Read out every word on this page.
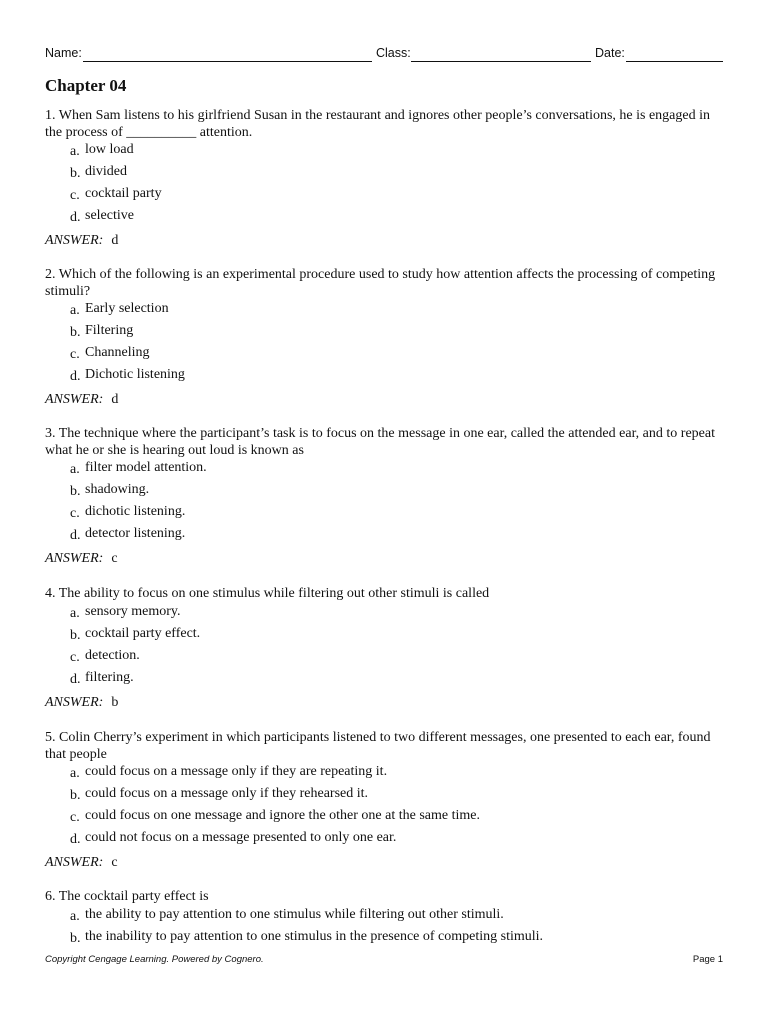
Name:	Class:	Date:
Chapter 04
1. When Sam listens to his girlfriend Susan in the restaurant and ignores other people’s conversations, he is engaged in the process of __________ attention.
a. low load
b. divided
c. cocktail party
d. selective
ANSWER: d
2. Which of the following is an experimental procedure used to study how attention affects the processing of competing stimuli?
a. Early selection
b. Filtering
c. Channeling
d. Dichotic listening
ANSWER: d
3. The technique where the participant’s task is to focus on the message in one ear, called the attended ear, and to repeat what he or she is hearing out loud is known as
a. filter model attention.
b. shadowing.
c. dichotic listening.
d. detector listening.
ANSWER: c
4. The ability to focus on one stimulus while filtering out other stimuli is called
a. sensory memory.
b. cocktail party effect.
c. detection.
d. filtering.
ANSWER: b
5. Colin Cherry’s experiment in which participants listened to two different messages, one presented to each ear, found that people
a. could focus on a message only if they are repeating it.
b. could focus on a message only if they rehearsed it.
c. could focus on one message and ignore the other one at the same time.
d. could not focus on a message presented to only one ear.
ANSWER: c
6. The cocktail party effect is
a. the ability to pay attention to one stimulus while filtering out other stimuli.
b. the inability to pay attention to one stimulus in the presence of competing stimuli.
Copyright Cengage Learning. Powered by Cognero.	Page 1
